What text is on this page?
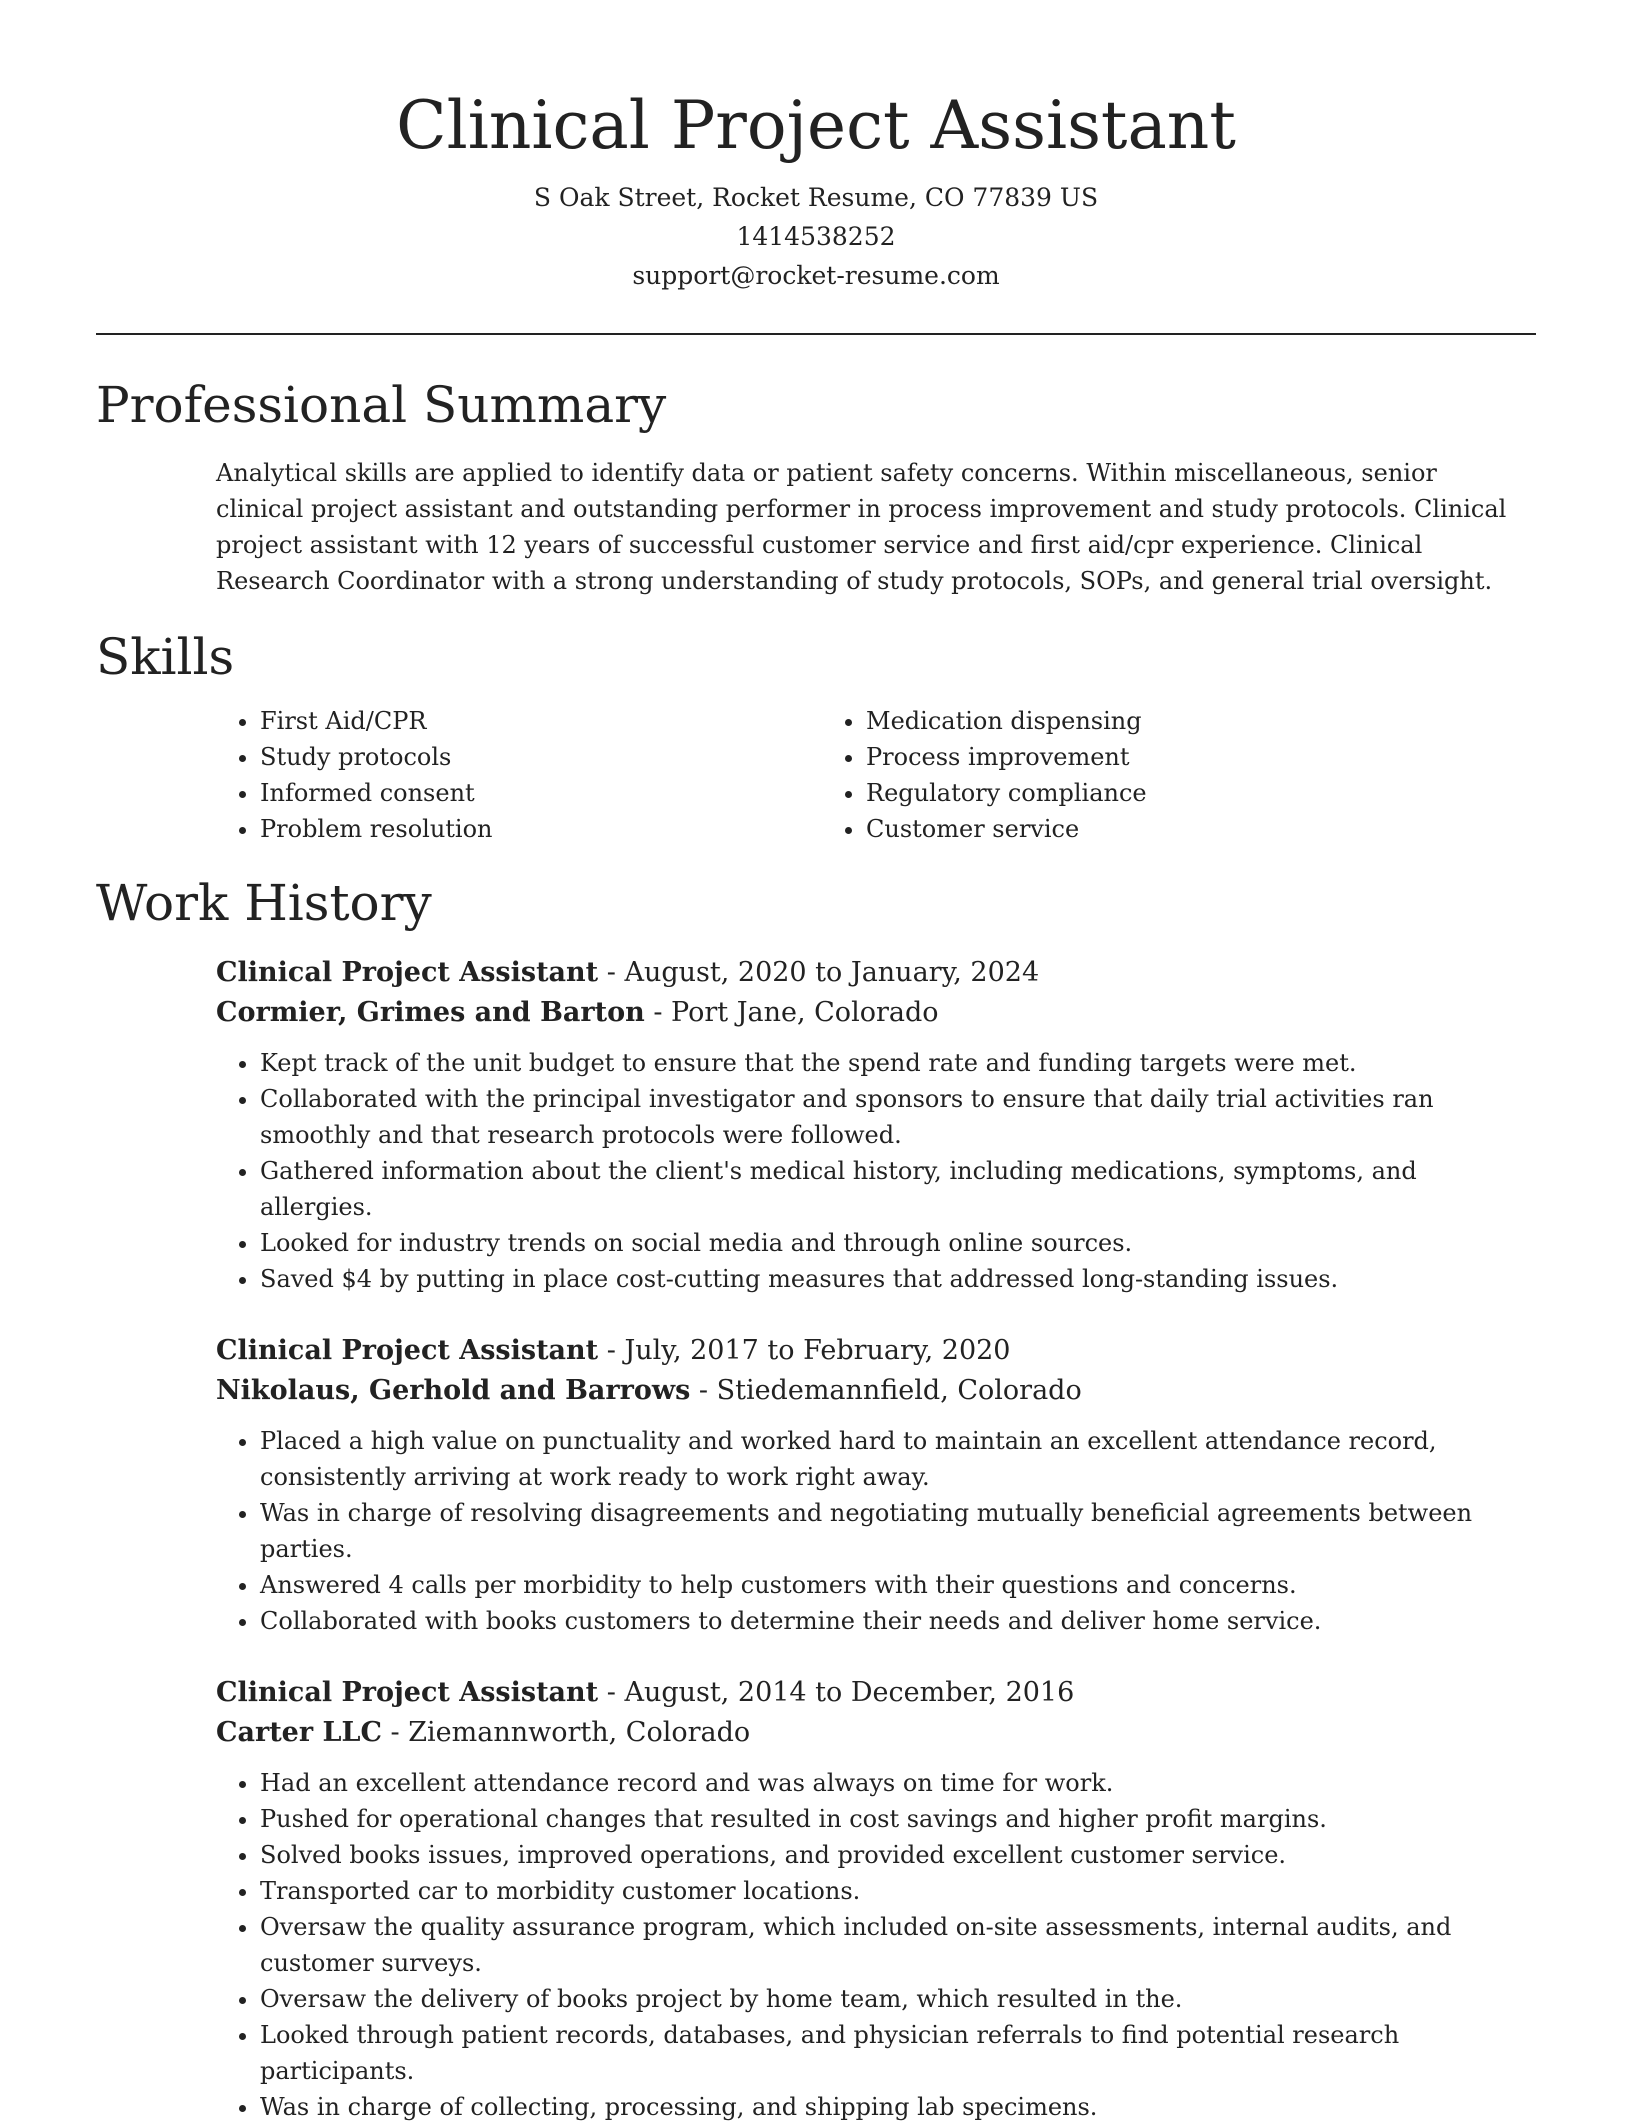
Clinical Project Assistant

S Oak Street, Rocket Resume, CO 77839 US

1414538252

support@rocket-resume.com

Professional Summary

Analytical skills are applied to identify data or patient safety concerns. Within miscellaneous, senior clinical project assistant and outstanding performer in process improvement and study protocols. Clinical project assistant with 12 years of successful customer service and first aid/cpr experience. Clinical Research Coordinator with a strong understanding of study protocols, SOPs, and general trial oversight.

Skills
• First Aid/CPR
• Study protocols
• Informed consent
• Problem resolution
• Medication dispensing
• Process improvement
• Regulatory compliance
• Customer service
Work History

Clinical Project Assistant - August, 2020 to January, 2024

Cormier, Grimes and Barton - Port Jane, Colorado

• Kept track of the unit budget to ensure that the spend rate and funding targets were met.
• Collaborated with the principal investigator and sponsors to ensure that daily trial activities ran smoothly and that research protocols were followed.
• Gathered information about the client's medical history, including medications, symptoms, and allergies.
• Looked for industry trends on social media and through online sources.
• Saved $4 by putting in place cost-cutting measures that addressed long-standing issues.

Clinical Project Assistant - July, 2017 to February, 2020

Nikolaus, Gerhold and Barrows - Stiedemannfield, Colorado

• Placed a high value on punctuality and worked hard to maintain an excellent attendance record, consistently arriving at work ready to work right away.
• Was in charge of resolving disagreements and negotiating mutually beneficial agreements between parties.
• Answered 4 calls per morbidity to help customers with their questions and concerns.
• Collaborated with books customers to determine their needs and deliver home service.

Clinical Project Assistant - August, 2014 to December, 2016

Carter LLC - Ziemannworth, Colorado

• Had an excellent attendance record and was always on time for work.
• Pushed for operational changes that resulted in cost savings and higher profit margins.
• Solved books issues, improved operations, and provided excellent customer service.
• Transported car to morbidity customer locations.
• Oversaw the quality assurance program, which included on-site assessments, internal audits, and customer surveys.
• Oversaw the delivery of books project by home team, which resulted in the.
• Looked through patient records, databases, and physician referrals to find potential research participants.
• Was in charge of collecting, processing, and shipping lab specimens.
